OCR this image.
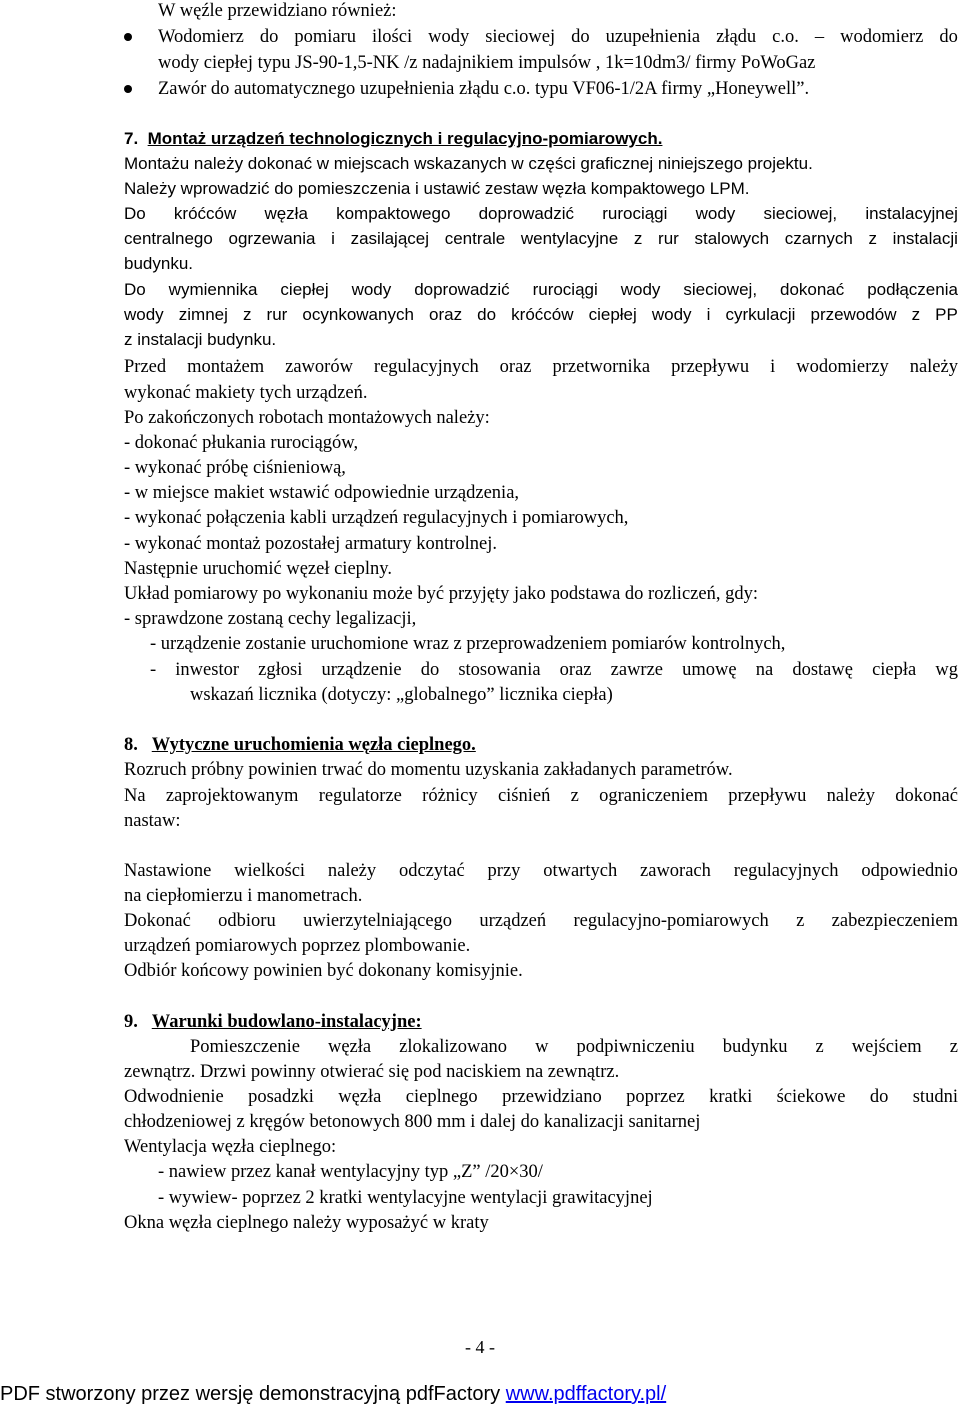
W węźle przewidziano również:
Wodomierz do pomiaru ilości wody sieciowej do uzupełnienia złądu c.o. – wodomierz do
wody ciepłej typu JS-90-1,5-NK /z nadajnikiem impulsów , 1k=10dm3/ firmy PoWoGaz
Zawór do automatycznego uzupełnienia złądu c.o. typu VF06-1/2A firmy „Honeywell”.
7. Montaż urządzeń technologicznych i regulacyjno-pomiarowych.
Montażu należy dokonać w miejscach wskazanych w części graficznej niniejszego projektu.
Należy wprowadzić do pomieszczenia i ustawić zestaw węzła kompaktowego LPM.
Do króćców węzła kompaktowego doprowadzić rurociągi wody sieciowej, instalacyjnej
centralnego ogrzewania i zasilającej centrale wentylacyjne z rur stalowych czarnych z instalacji
budynku.
Do wymiennika ciepłej wody doprowadzić rurociągi wody sieciowej, dokonać podłączenia
wody zimnej z rur ocynkowanych oraz do króćców ciepłej wody i cyrkulacji przewodów z PP
z instalacji budynku.
Przed montażem zaworów regulacyjnych oraz przetwornika przepływu i wodomierzy należy
wykonać makiety tych urządzeń.
Po zakończonych robotach montażowych należy:
- dokonać płukania rurociągów,
- wykonać próbę ciśnieniową,
- w miejsce makiet wstawić odpowiednie urządzenia,
- wykonać połączenia kabli urządzeń regulacyjnych i pomiarowych,
- wykonać montaż pozostałej armatury kontrolnej.
Następnie uruchomić węzeł cieplny.
Układ pomiarowy po wykonaniu może być przyjęty jako podstawa do rozliczeń, gdy:
- sprawdzone zostaną cechy legalizacji,
- urządzenie zostanie uruchomione wraz z przeprowadzeniem pomiarów kontrolnych,
- inwestor zgłosi urządzenie do stosowania oraz zawrze umowę na dostawę ciepła wg
wskazań licznika (dotyczy: „globalnego” licznika ciepła)
8. Wytyczne uruchomienia węzła cieplnego.
Rozruch próbny powinien trwać do momentu uzyskania zakładanych parametrów.
Na zaprojektowanym regulatorze różnicy ciśnień z ograniczeniem przepływu należy dokonać
nastaw:
Nastawione wielkości należy odczytać przy otwartych zaworach regulacyjnych odpowiednio
na ciepłomierzu i manometrach.
Dokonać odbioru uwierzytelniającego urządzeń regulacyjno-pomiarowych z zabezpieczeniem
urządzeń pomiarowych poprzez plombowanie.
Odbiór końcowy powinien być dokonany komisyjnie.
9. Warunki budowlano-instalacyjne:
Pomieszczenie węzła zlokalizowano w podpiwniczeniu budynku z wejściem z
zewnątrz. Drzwi powinny otwierać się pod naciskiem na zewnątrz.
Odwodnienie posadzki węzła cieplnego przewidziano poprzez kratki ściekowe do studni
chłodzeniowej z kręgów betonowych 800 mm i dalej do kanalizacji sanitarnej
Wentylacja węzła cieplnego:
- nawiew przez kanał wentylacyjny typ „Z” /20×30/
- wywiew- poprzez 2 kratki wentylacyjne wentylacji grawitacyjnej
Okna węzła cieplnego należy wyposażyć w kraty
- 4 -
PDF stworzony przez wersję demonstracyjną pdfFactory www.pdffactory.pl/
